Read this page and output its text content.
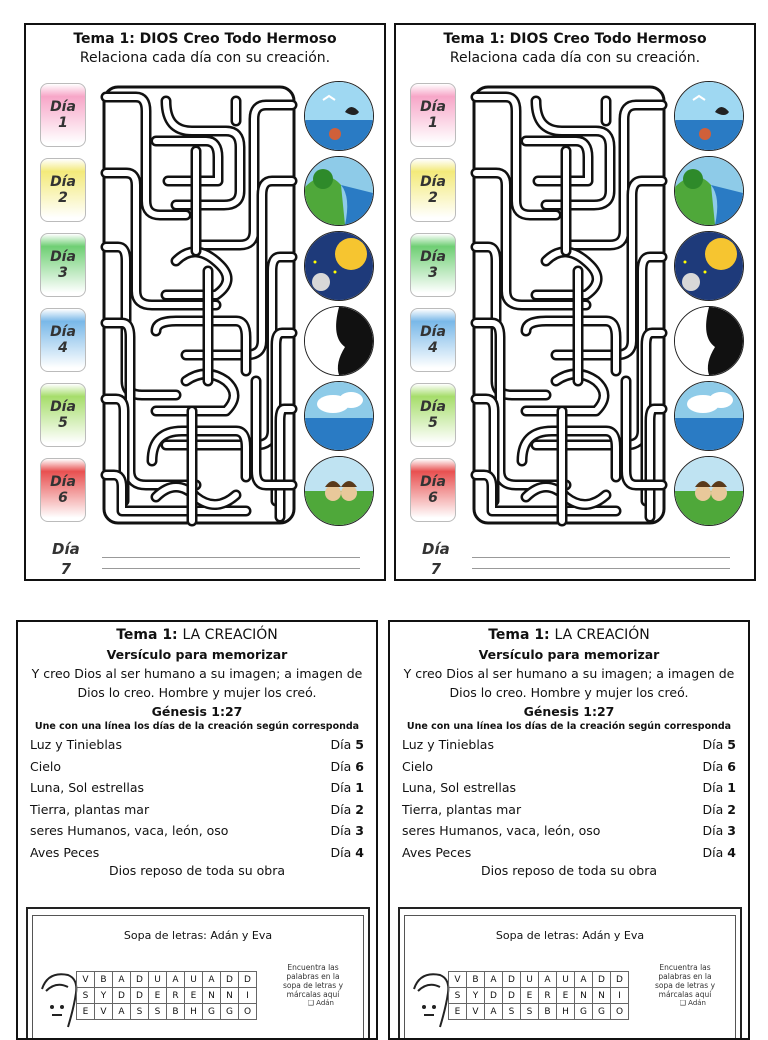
Tema 1: DIOS Creo Todo Hermoso
Relaciona cada día con su creación.
Día
1
Día
2
Día
3
Día
4
Día
5
Día
6
Día
7
Tema 1: DIOS Creo Todo Hermoso
Relaciona cada día con su creación.
Día
1
Día
2
Día
3
Día
4
Día
5
Día
6
Día
7
Tema 1: LA CREACIÓN
Versículo para memorizar
Y creo Dios al ser humano a su imagen; a imagen de
Dios lo creo. Hombre y mujer los creó.
Génesis 1:27
Une con una línea los días de la creación según corresponda
Luz y Tinieblas	Día 5
Cielo	Día 6
Luna, Sol estrellas	Día 1
Tierra, plantas mar	Día 2
seres Humanos, vaca, león, oso	Día 3
Aves Peces	Día 4
Dios reposo de toda su obra
Sopa de letras: Adán y Eva
V	B	A	D	U	A	U	A	D	D
S	Y	D	D	E	R	E	N	N	I
E	V	A	S	S	B	H	G	G	O
Encuentra las palabras en la sopa de letras y márcalas aquí
❑ Adán
Tema 1: LA CREACIÓN
Versículo para memorizar
Y creo Dios al ser humano a su imagen; a imagen de
Dios lo creo. Hombre y mujer los creó.
Génesis 1:27
Une con una línea los días de la creación según corresponda
Luz y Tinieblas	Día 5
Cielo	Día 6
Luna, Sol estrellas	Día 1
Tierra, plantas mar	Día 2
seres Humanos, vaca, león, oso	Día 3
Aves Peces	Día 4
Dios reposo de toda su obra
Sopa de letras: Adán y Eva
V	B	A	D	U	A	U	A	D	D
S	Y	D	D	E	R	E	N	N	I
E	V	A	S	S	B	H	G	G	O
Encuentra las palabras en la sopa de letras y márcalas aquí
❑ Adán
